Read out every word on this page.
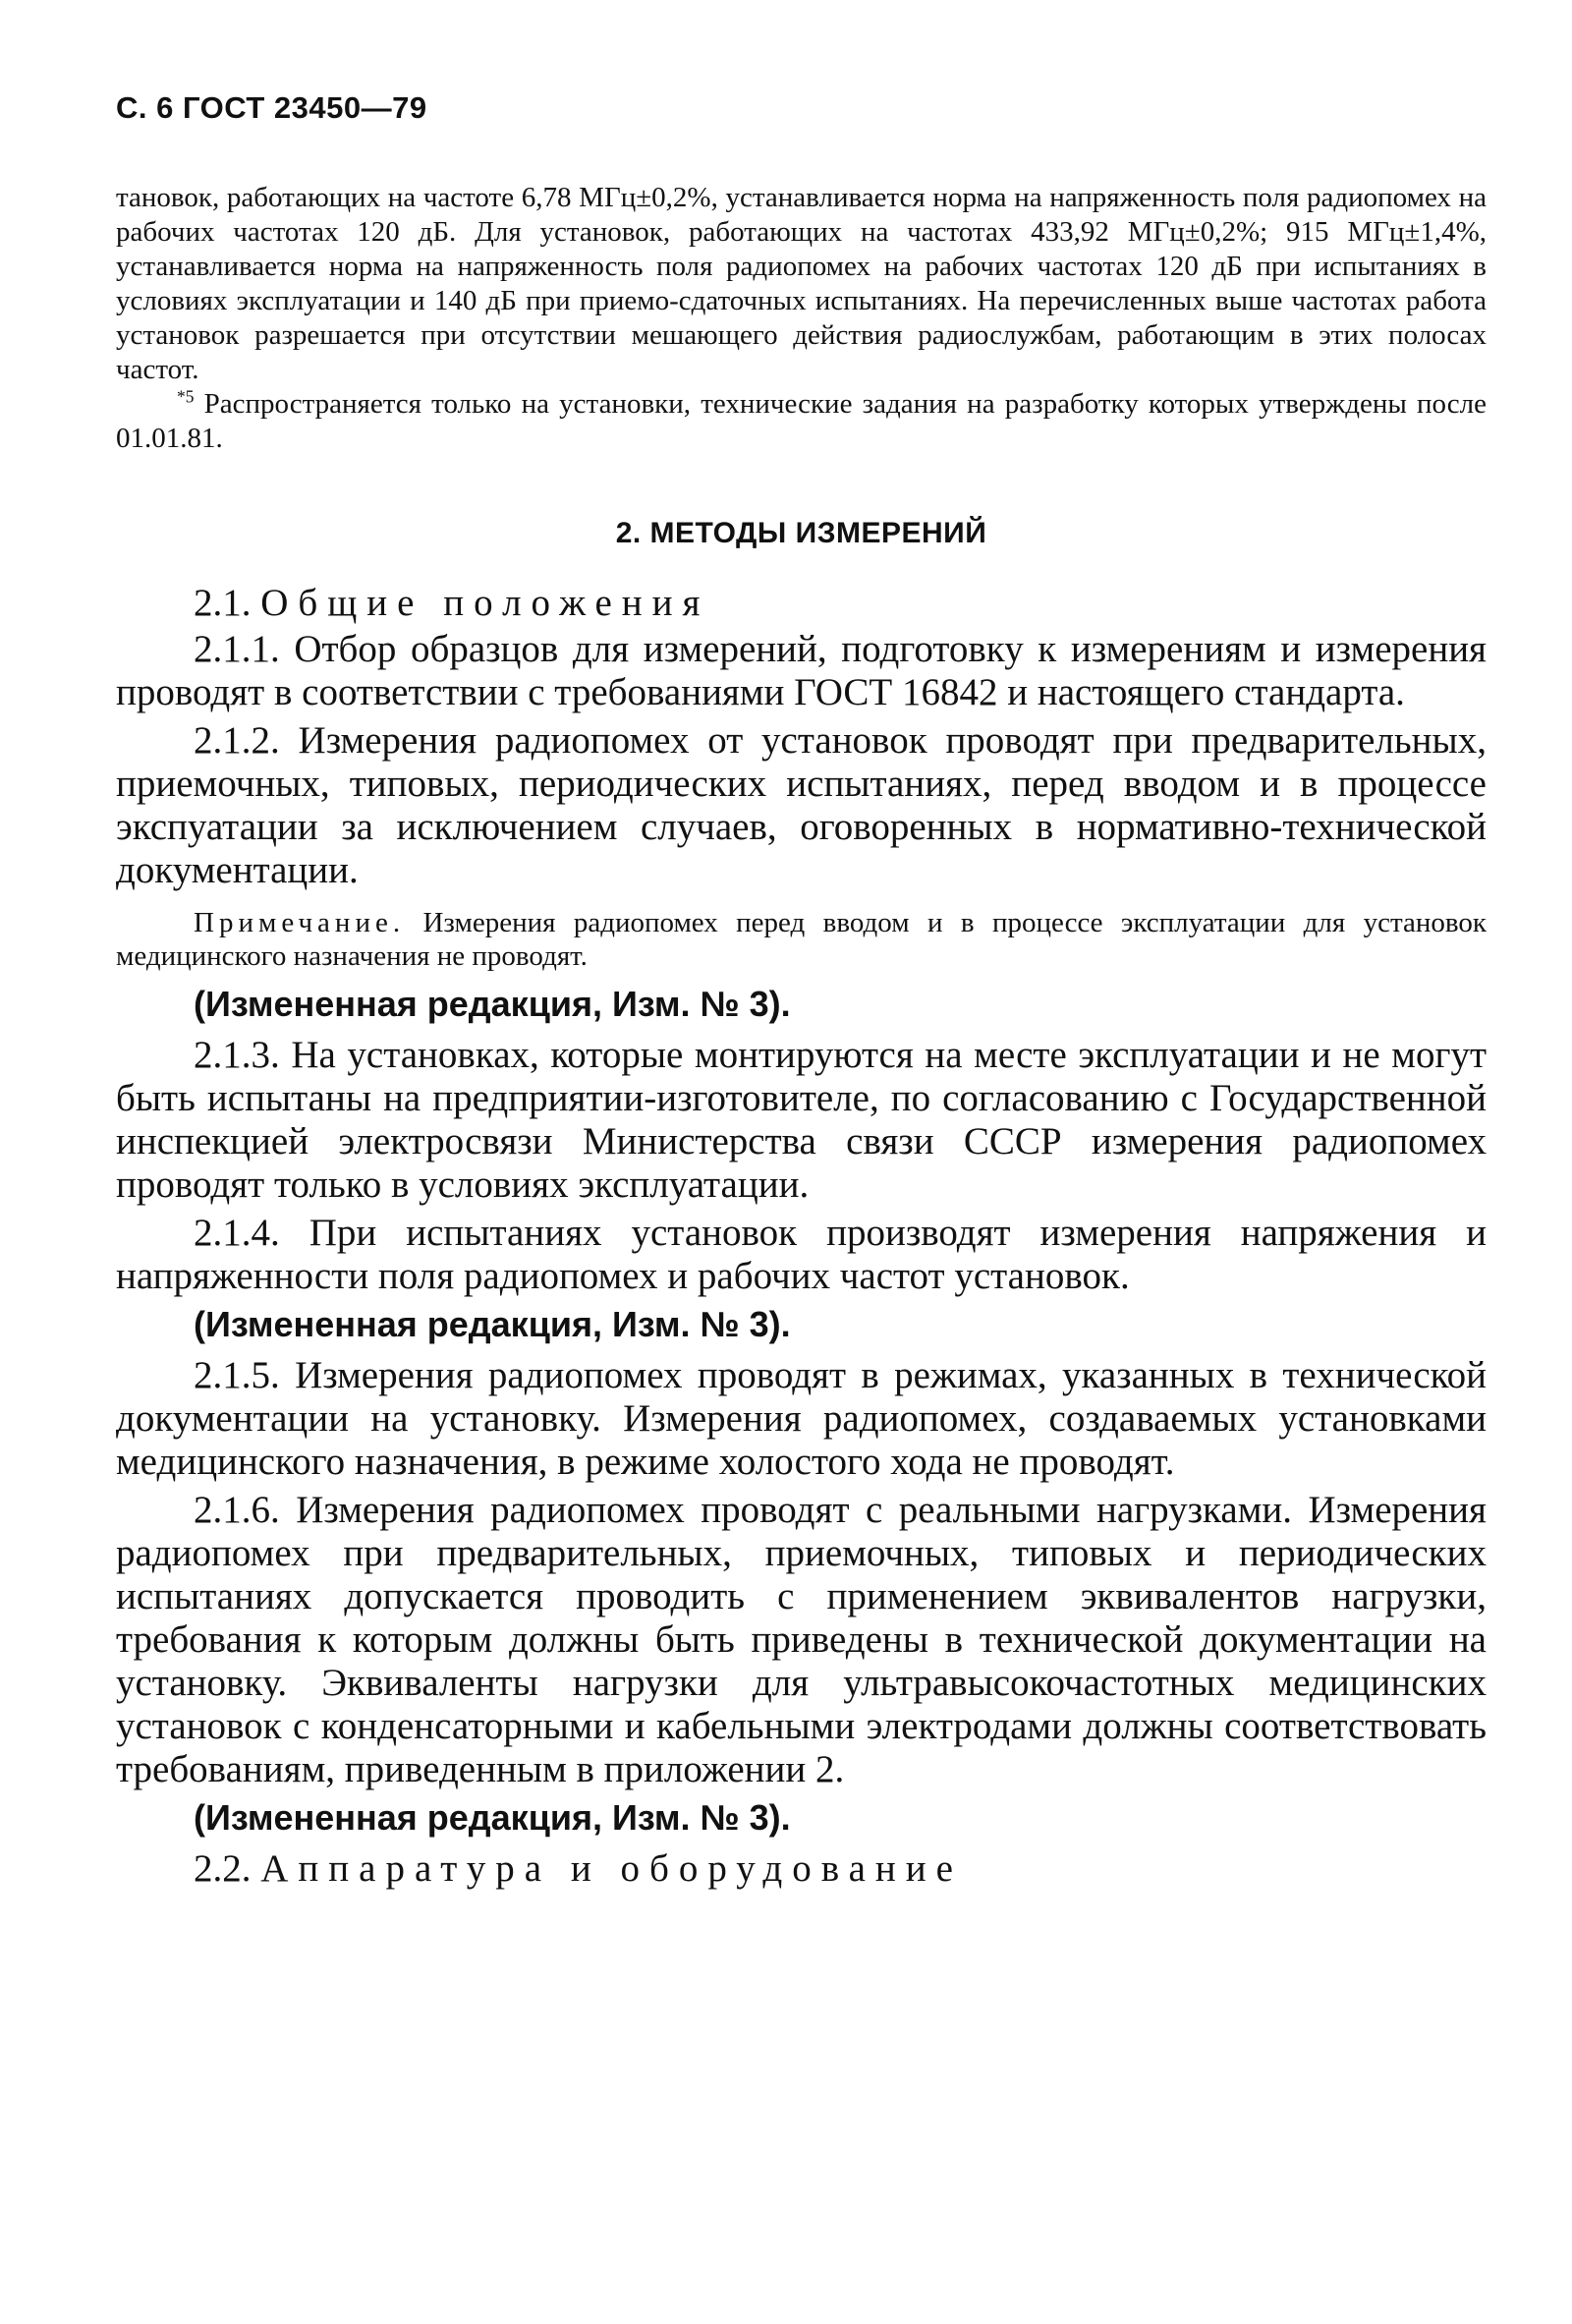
С. 6 ГОСТ 23450—79

тановок, работающих на частоте 6,78 МГц±0,2%, устанавливается норма на напряженность поля радиопомех на рабочих частотах 120 дБ. Для установок, работающих на частотах 433,92 МГц±0,2%; 915 МГц±1,4%, устанавливается норма на напряженность поля радиопомех на рабочих частотах 120 дБ при испытаниях в условиях эксплуатации и 140 дБ при приемо-сдаточных испытаниях. На перечисленных выше частотах работа установок разрешается при отсутствии мешающего действия радиослужбам, работающим в этих полосах частот.

$^{*5}$ Распространяется только на установки, технические задания на разработку которых утверждены после 01.01.81.

2. МЕТОДЫ ИЗМЕРЕНИЙ
2.1. Общие положения

2.1.1. Отбор образцов для измерений, подготовку к измерениям и измерения проводят в соответствии с требованиями ГОСТ 16842 и настоящего стандарта.

2.1.2. Измерения радиопомех от установок проводят при предварительных, приемочных, типовых, периодических испытаниях, перед вводом и в процессе экспуатации за исключением случаев, оговоренных в нормативно-технической документации.

Примечание. Измерения радиопомех перед вводом и в процессе эксплуатации для установок медицинского назначения не проводят.
(Измененная редакция, Изм. № 3).

2.1.3. На установках, которые монтируются на месте эксплуатации и не могут быть испытаны на предприятии-изготовителе, по согласованию с Государственной инспекцией электросвязи Министерства связи СССР измерения радиопомех проводят только в условиях эксплуатации.

2.1.4. При испытаниях установок производят измерения напряжения и напряженности поля радиопомех и рабочих частот установок.

(Измененная редакция, Изм. № 3).

2.1.5. Измерения радиопомех проводят в режимах, указанных в технической документации на установку. Измерения радиопомех, создаваемых установками медицинского назначения, в режиме холостого хода не проводят.

2.1.6. Измерения радиопомех проводят с реальными нагрузками. Измерения радиопомех при предварительных, приемочных, типовых и периодических испытаниях допускается проводить с применением эквивалентов нагрузки, требования к которым должны быть приведены в технической документации на установку. Эквиваленты нагрузки для ультравысокочастотных медицинских установок с конденсаторными и кабельными электродами должны соответствовать требованиям, приведенным в приложении 2.

(Измененная редакция, Изм. № 3).
2.2. Аппаратура и оборудование
